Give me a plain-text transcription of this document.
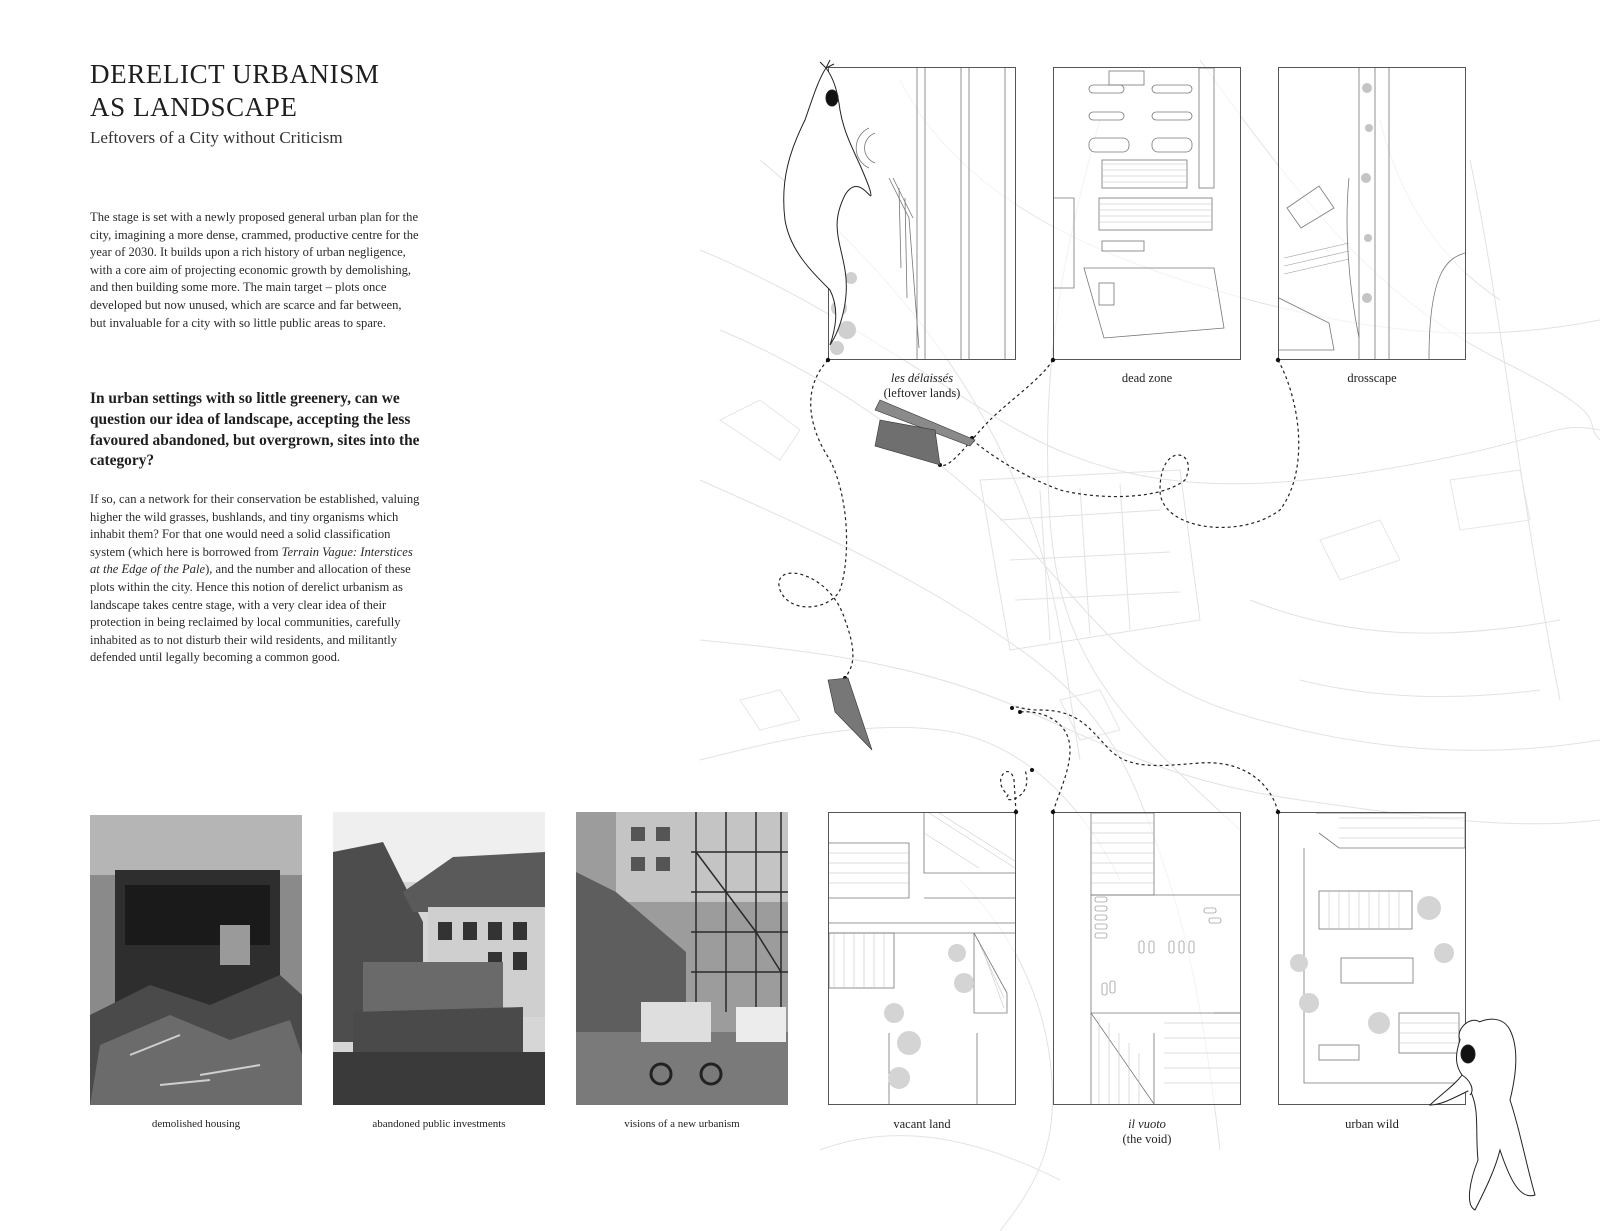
DERELICT URBANISM
AS LANDSCAPE
Leftovers of a City without Criticism

The stage is set with a newly proposed general urban plan for the city, imagining a more dense, crammed, productive centre for the year of 2030. It builds upon a rich history of urban negligence, with a core aim of projecting economic growth by demolishing, and then building some more. The main target – plots once developed but now unused, which are scarce and far between, but invaluable for a city with so little public areas to spare.

In urban settings with so little greenery, can we question our idea of landscape, accepting the less favoured abandoned, but overgrown, sites into the category?

If so, can a network for their conservation be established, valuing higher the wild grasses, bushlands, and tiny organisms which inhabit them? For that one would need a solid classification system (which here is borrowed from Terrain Vague: Interstices at the Edge of the Pale), and the number and allocation of these plots within the city. Hence this notion of derelict urbanism as landscape takes centre stage, with a very clear idea of their protection in being reclaimed by local communities, carefully inhabited as to not disturb their wild residents, and militantly defended until legally becoming a common good.

demolished housing	abandoned public investments	visions of a new urbanism

les délaissés
(leftover lands)

dead zone	drosscape

vacant land	il vuoto
(the void)

urban wild
